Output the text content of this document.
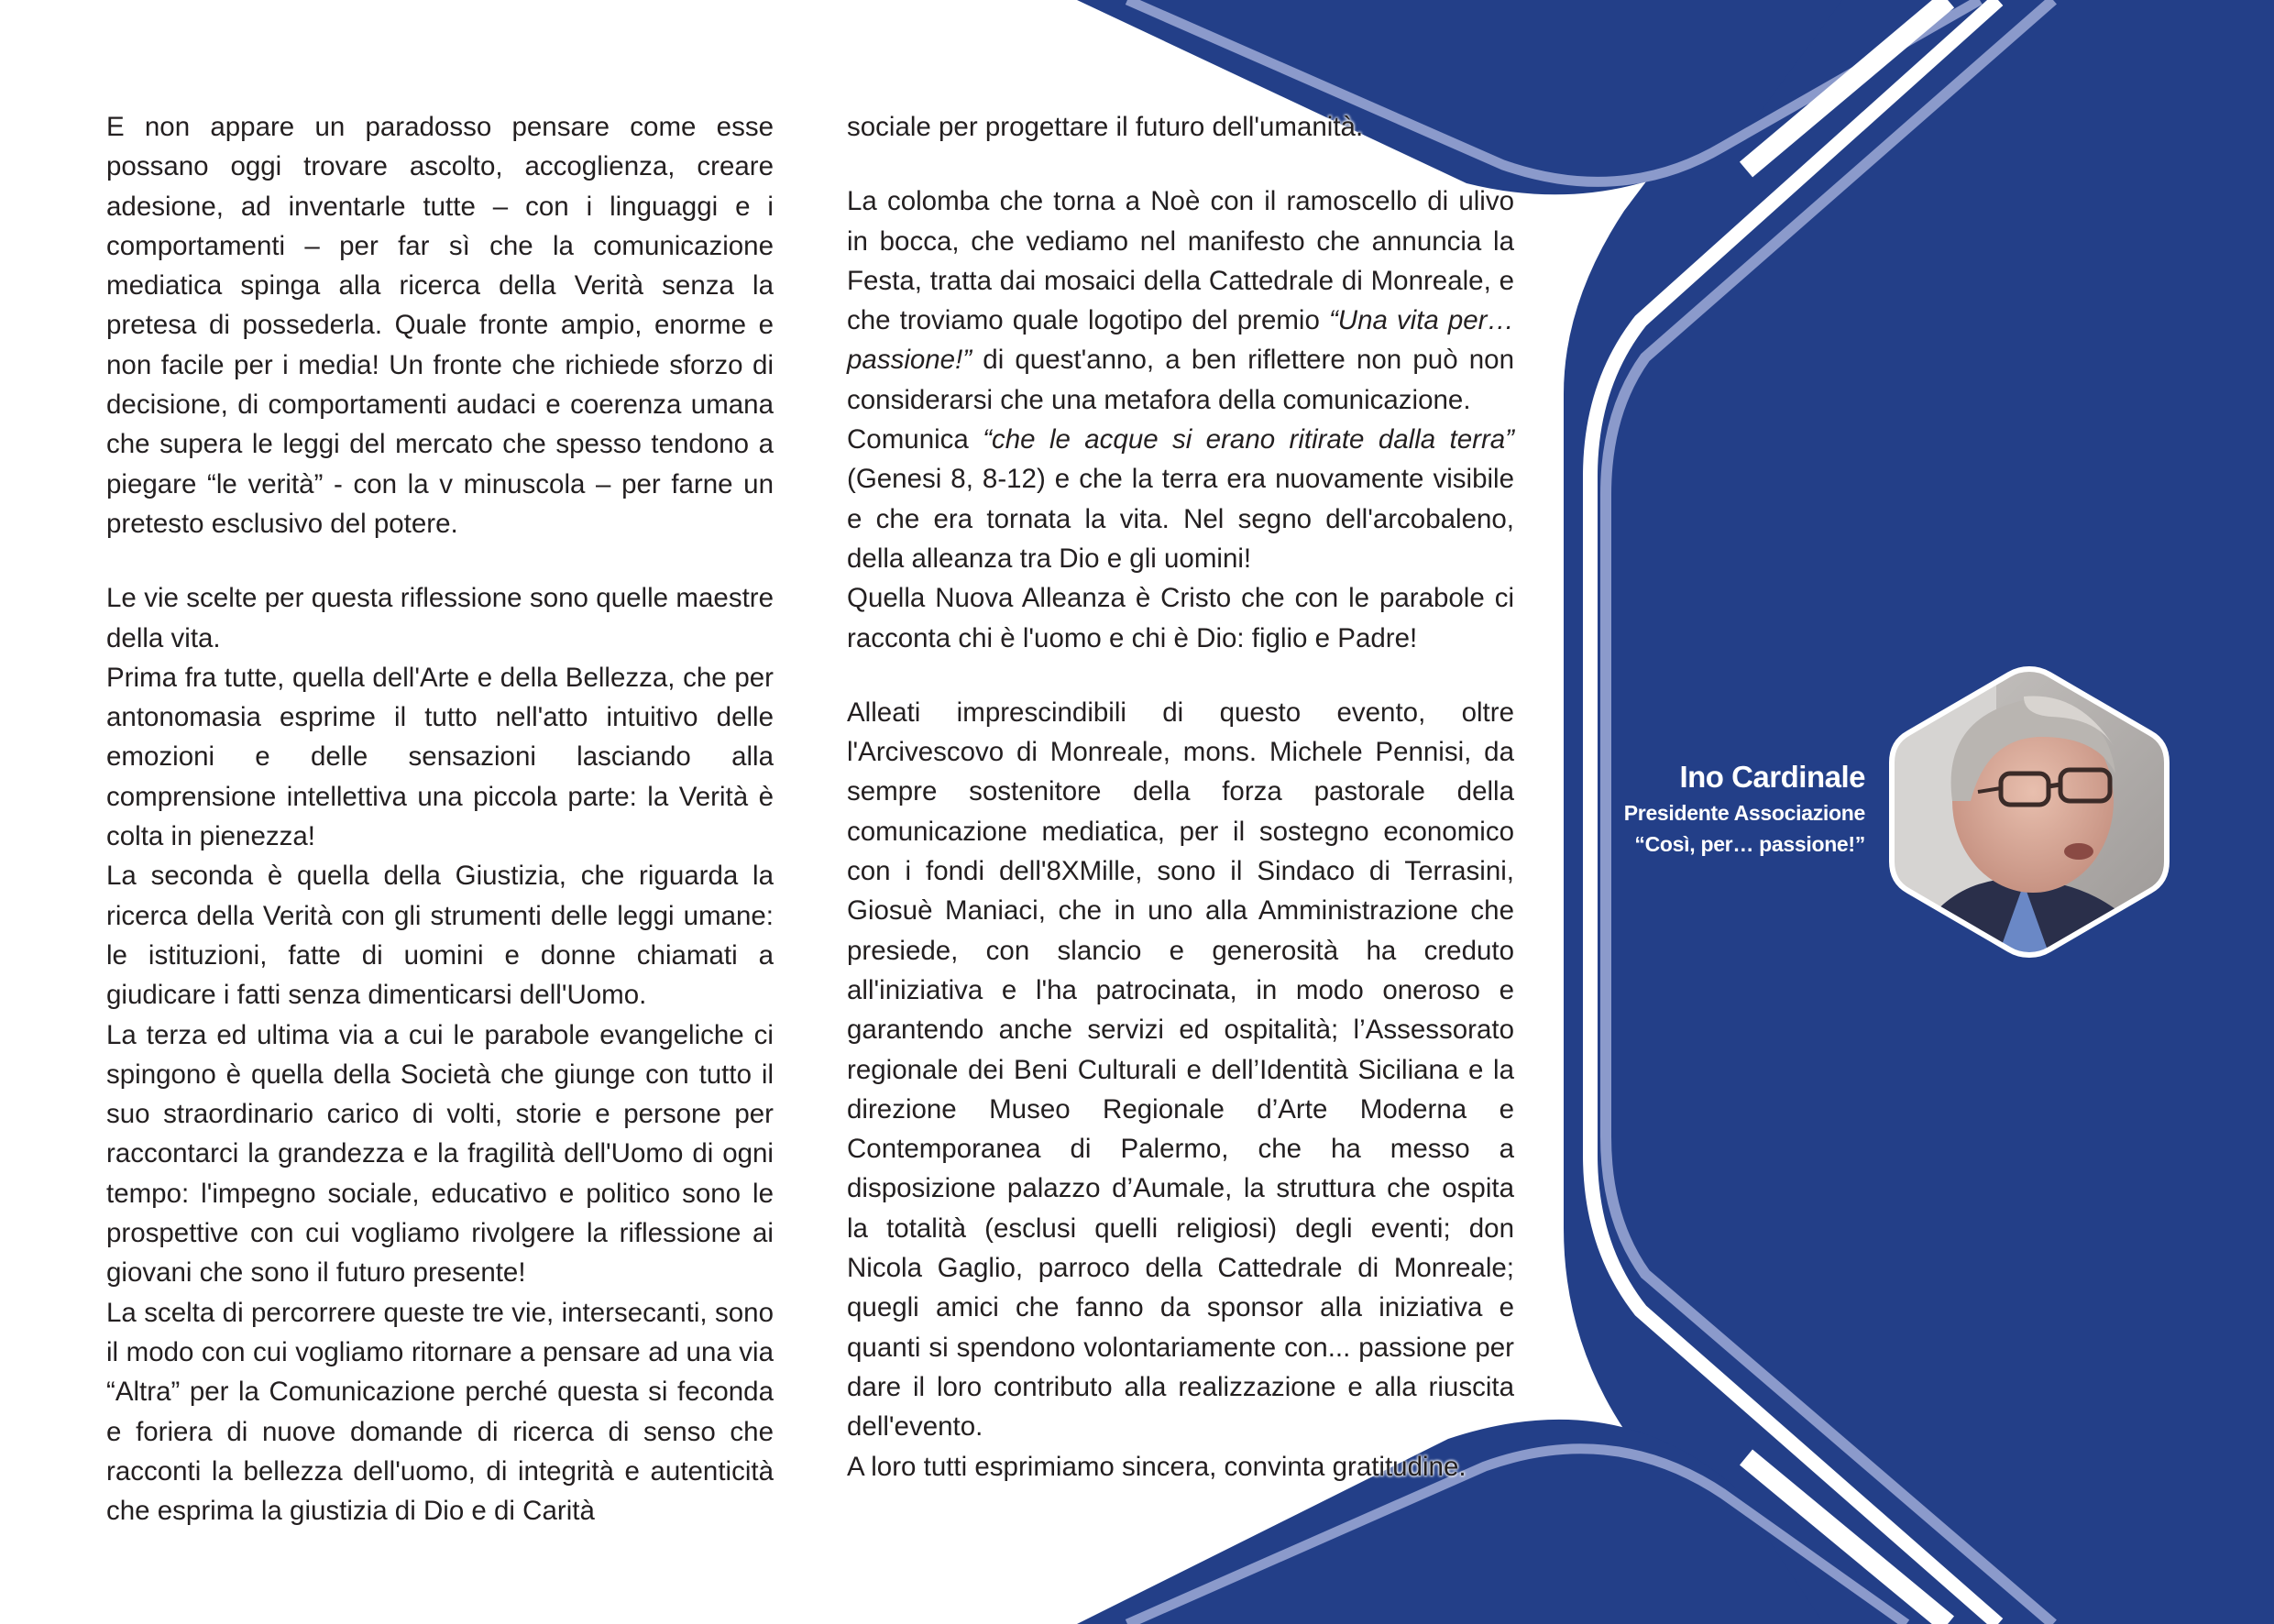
E non appare un paradosso pensare come esse possano oggi trovare ascolto, accoglienza, creare adesione, ad inventarle tutte – con i linguaggi e i comportamenti – per far sì che la comunicazione mediatica spinga alla ricerca della Verità senza la pretesa di possederla. Quale fronte ampio, enorme e non facile per i media! Un fronte che richiede sforzo di decisione, di comportamenti audaci e coerenza umana che supera le leggi del mercato che spesso tendono a piegare “le verità” - con la v minuscola – per farne un pretesto esclusivo del potere.

Le vie scelte per questa riflessione sono quelle maestre della vita.

Prima fra tutte, quella dell'Arte e della Bellezza, che per antonomasia esprime il tutto nell'atto intuitivo delle emozioni e delle sensazioni lasciando alla comprensione intellettiva una piccola parte: la Verità è colta in pienezza!

La seconda è quella della Giustizia, che riguarda la ricerca della Verità con gli strumenti delle leggi umane: le istituzioni, fatte di uomini e donne chiamati a giudicare i fatti senza dimenticarsi dell'Uomo.

La terza ed ultima via a cui le parabole evangeliche ci spingono è quella della Società che giunge con tutto il suo straordinario carico di volti, storie e persone per raccontarci la grandezza e la fragilità dell'Uomo di ogni tempo: l'impegno sociale, educativo e politico sono le prospettive con cui vogliamo rivolgere la riflessione ai giovani che sono il futuro presente!

La scelta di percorrere queste tre vie, intersecanti, sono il modo con cui vogliamo ritornare a pensare ad una via “Altra” per la Comunicazione perché questa si feconda e foriera di nuove domande di ricerca di senso che racconti la bellezza dell'uomo, di integrità e autenticità che esprima la giustizia di Dio e di Carità

sociale per progettare il futuro dell'umanità.

La colomba che torna a Noè con il ramoscello di ulivo in bocca, che vediamo nel manifesto che annuncia la Festa, tratta dai mosaici della Cattedrale di Monreale, e che troviamo quale logotipo del premio “Una vita per… passione!” di quest'anno, a ben riflettere non può non considerarsi che una metafora della comunicazione.

Comunica “che le acque si erano ritirate dalla terra” (Genesi 8, 8-12) e che la terra era nuovamente visibile e che era tornata la vita. Nel segno dell'arcobaleno, della alleanza tra Dio e gli uomini!

Quella Nuova Alleanza è Cristo che con le parabole ci racconta chi è l'uomo e chi è Dio: figlio e Padre!

Alleati imprescindibili di questo evento, oltre l'Arcivescovo di Monreale, mons. Michele Pennisi, da sempre sostenitore della forza pastorale della comunicazione mediatica, per il sostegno economico con i fondi dell'8XMille, sono il Sindaco di Terrasini, Giosuè Maniaci, che in uno alla Amministrazione che presiede, con slancio e generosità ha creduto all'iniziativa e l'ha patrocinata, in modo oneroso e garantendo anche servizi ed ospitalità; l’Assessorato regionale dei Beni Culturali e dell’Identità Siciliana e la direzione Museo Regionale d’Arte Moderna e Contemporanea di Palermo, che ha messo a disposizione palazzo d’Aumale, la struttura che ospita la totalità (esclusi quelli religiosi) degli eventi; don Nicola Gaglio, parroco della Cattedrale di Monreale; quegli amici che fanno da sponsor alla iniziativa e quanti si spendono volontariamente con... passione per dare il loro contributo alla realizzazione e alla riuscita dell'evento.

A loro tutti esprimiamo sincera, convinta gratitudine.

Ino Cardinale
Presidente Associazione
“Così, per… passione!”
